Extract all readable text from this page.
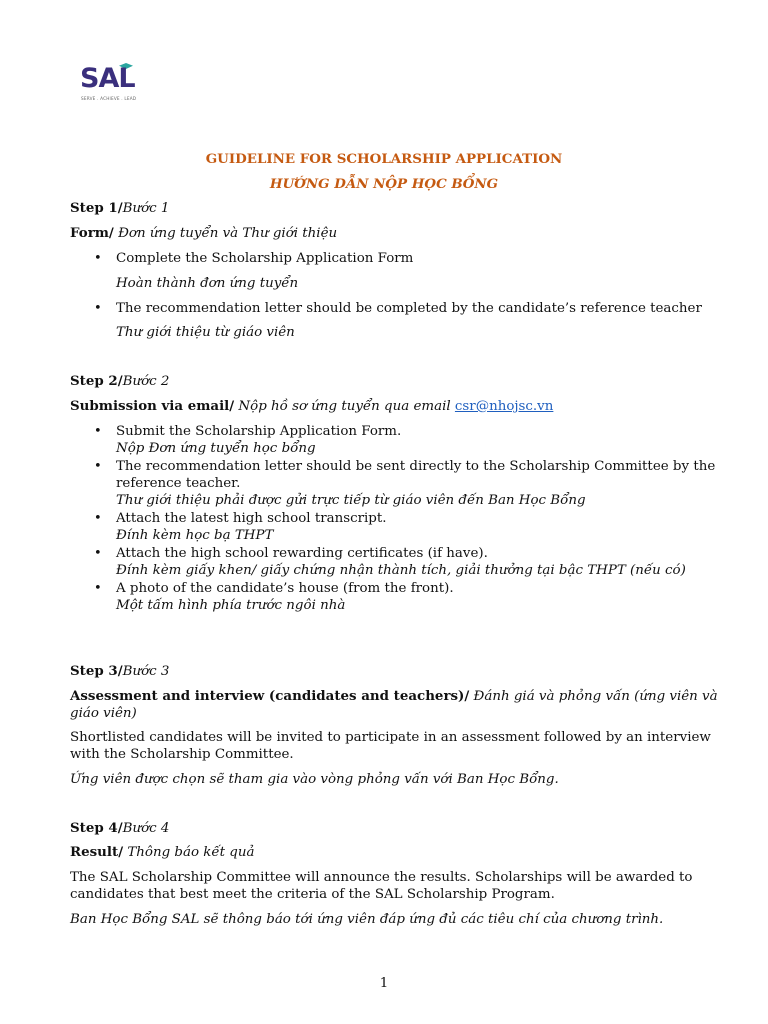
SAL
SERVE . ACHIEVE . LEAD
GUIDELINE FOR SCHOLARSHIP APPLICATION
HƯỚNG DẪN NỘP HỌC BỔNG
Step 1/Bước 1
Form/ Đơn ứng tuyển và Thư giới thiệu
• Complete the Scholarship Application Form
Hoàn thành đơn ứng tuyển
• The recommendation letter should be completed by the candidate’s reference teacher
Thư giới thiệu từ giáo viên
Step 2/Bước 2
Submission via email/ Nộp hồ sơ ứng tuyển qua email csr@nhojsc.vn
• Submit the Scholarship Application Form.
Nộp Đơn ứng tuyển học bổng
• The recommendation letter should be sent directly to the Scholarship Committee by the
reference teacher.
Thư giới thiệu phải được gửi trực tiếp từ giáo viên đến Ban Học Bổng
• Attach the latest high school transcript.
Đính kèm học bạ THPT
• Attach the high school rewarding certificates (if have).
Đính kèm giấy khen/ giấy chứng nhận thành tích, giải thưởng tại bậc THPT (nếu có)
• A photo of the candidate’s house (from the front).
Một tấm hình phía trước ngôi nhà
Step 3/Bước 3
Assessment and interview (candidates and teachers)/ Đánh giá và phỏng vấn (ứng viên và
giáo viên)
Shortlisted candidates will be invited to participate in an assessment followed by an interview
with the Scholarship Committee.
Ứng viên được chọn sẽ tham gia vào vòng phỏng vấn với Ban Học Bổng.
Step 4/Bước 4
Result/ Thông báo kết quả
The SAL Scholarship Committee will announce the results. Scholarships will be awarded to
candidates that best meet the criteria of the SAL Scholarship Program.
Ban Học Bổng SAL sẽ thông báo tới ứng viên đáp ứng đủ các tiêu chí của chương trình.
1
